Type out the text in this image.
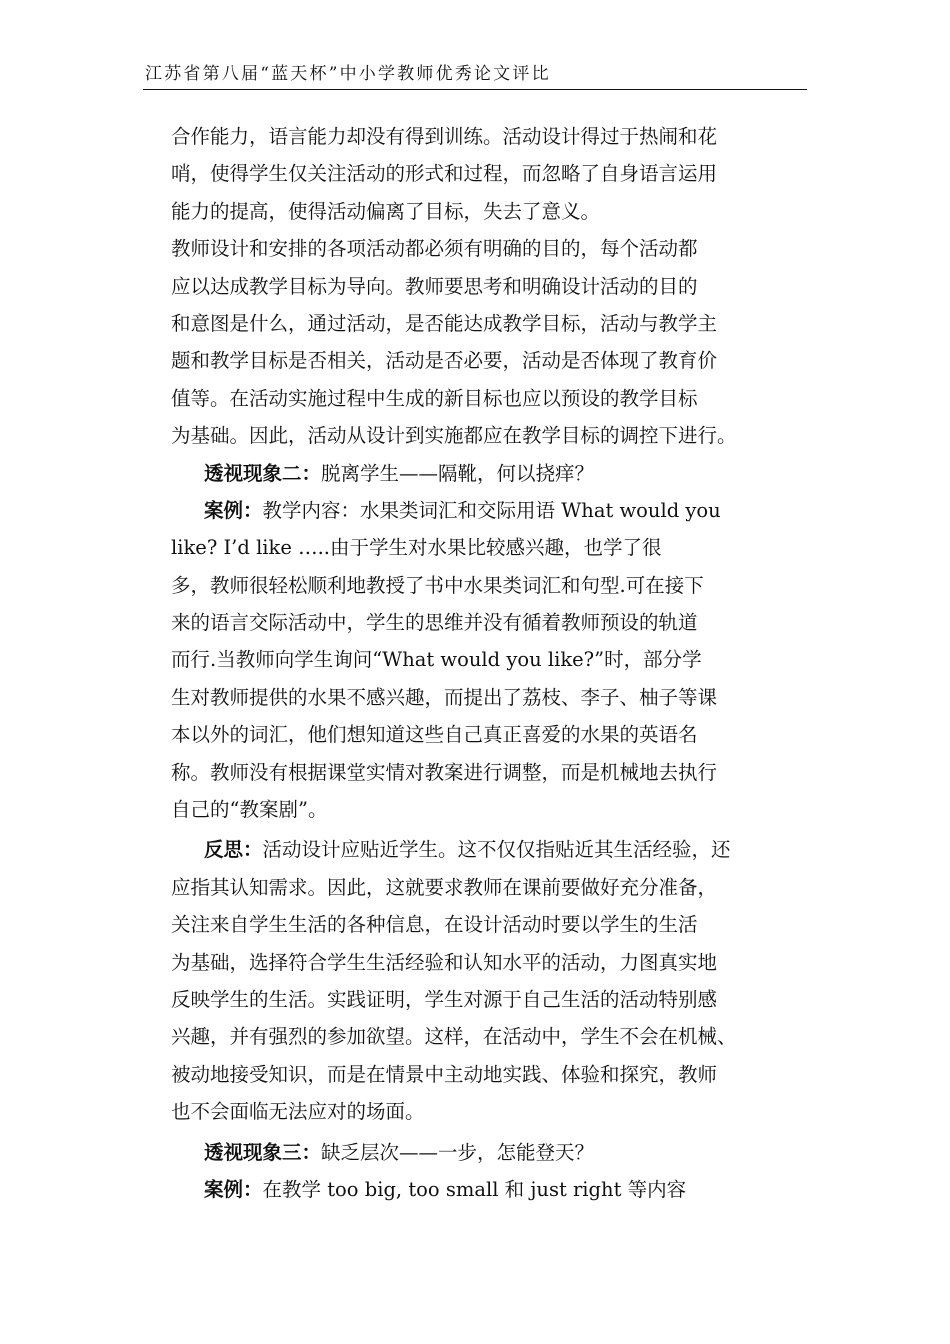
江苏省第八届“蓝天杯”中小学教师优秀论文评比
合作能力，语言能力却没有得到训练。活动设计得过于热闹和花
哨，使得学生仅关注活动的形式和过程，而忽略了自身语言运用
能力的提高，使得活动偏离了目标，失去了意义。
教师设计和安排的各项活动都必须有明确的目的，每个活动都
应以达成教学目标为导向。教师要思考和明确设计活动的目的
和意图是什么，通过活动，是否能达成教学目标，活动与教学主
题和教学目标是否相关，活动是否必要，活动是否体现了教育价
值等。在活动实施过程中生成的新目标也应以预设的教学目标
为基础。因此，活动从设计到实施都应在教学目标的调控下进行。
透视现象二：脱离学生——隔靴，何以挠痒？
案例：教学内容：水果类词汇和交际用语 What would you
like? I’d like …..由于学生对水果比较感兴趣，也学了很
多，教师很轻松顺利地教授了书中水果类词汇和句型.可在接下
来的语言交际活动中，学生的思维并没有循着教师预设的轨道
而行.当教师向学生询问“What would you like?”时，部分学
生对教师提供的水果不感兴趣，而提出了荔枝、李子、柚子等课
本以外的词汇，他们想知道这些自己真正喜爱的水果的英语名
称。教师没有根据课堂实情对教案进行调整，而是机械地去执行
自己的“教案剧”。
反思：活动设计应贴近学生。这不仅仅指贴近其生活经验，还
应指其认知需求。因此，这就要求教师在课前要做好充分准备，
关注来自学生生活的各种信息，在设计活动时要以学生的生活
为基础，选择符合学生生活经验和认知水平的活动，力图真实地
反映学生的生活。实践证明，学生对源于自己生活的活动特别感
兴趣，并有强烈的参加欲望。这样，在活动中，学生不会在机械、
被动地接受知识，而是在情景中主动地实践、体验和探究，教师
也不会面临无法应对的场面。
透视现象三：缺乏层次——一步，怎能登天？
案例：在教学 too big, too small 和 just right 等内容
